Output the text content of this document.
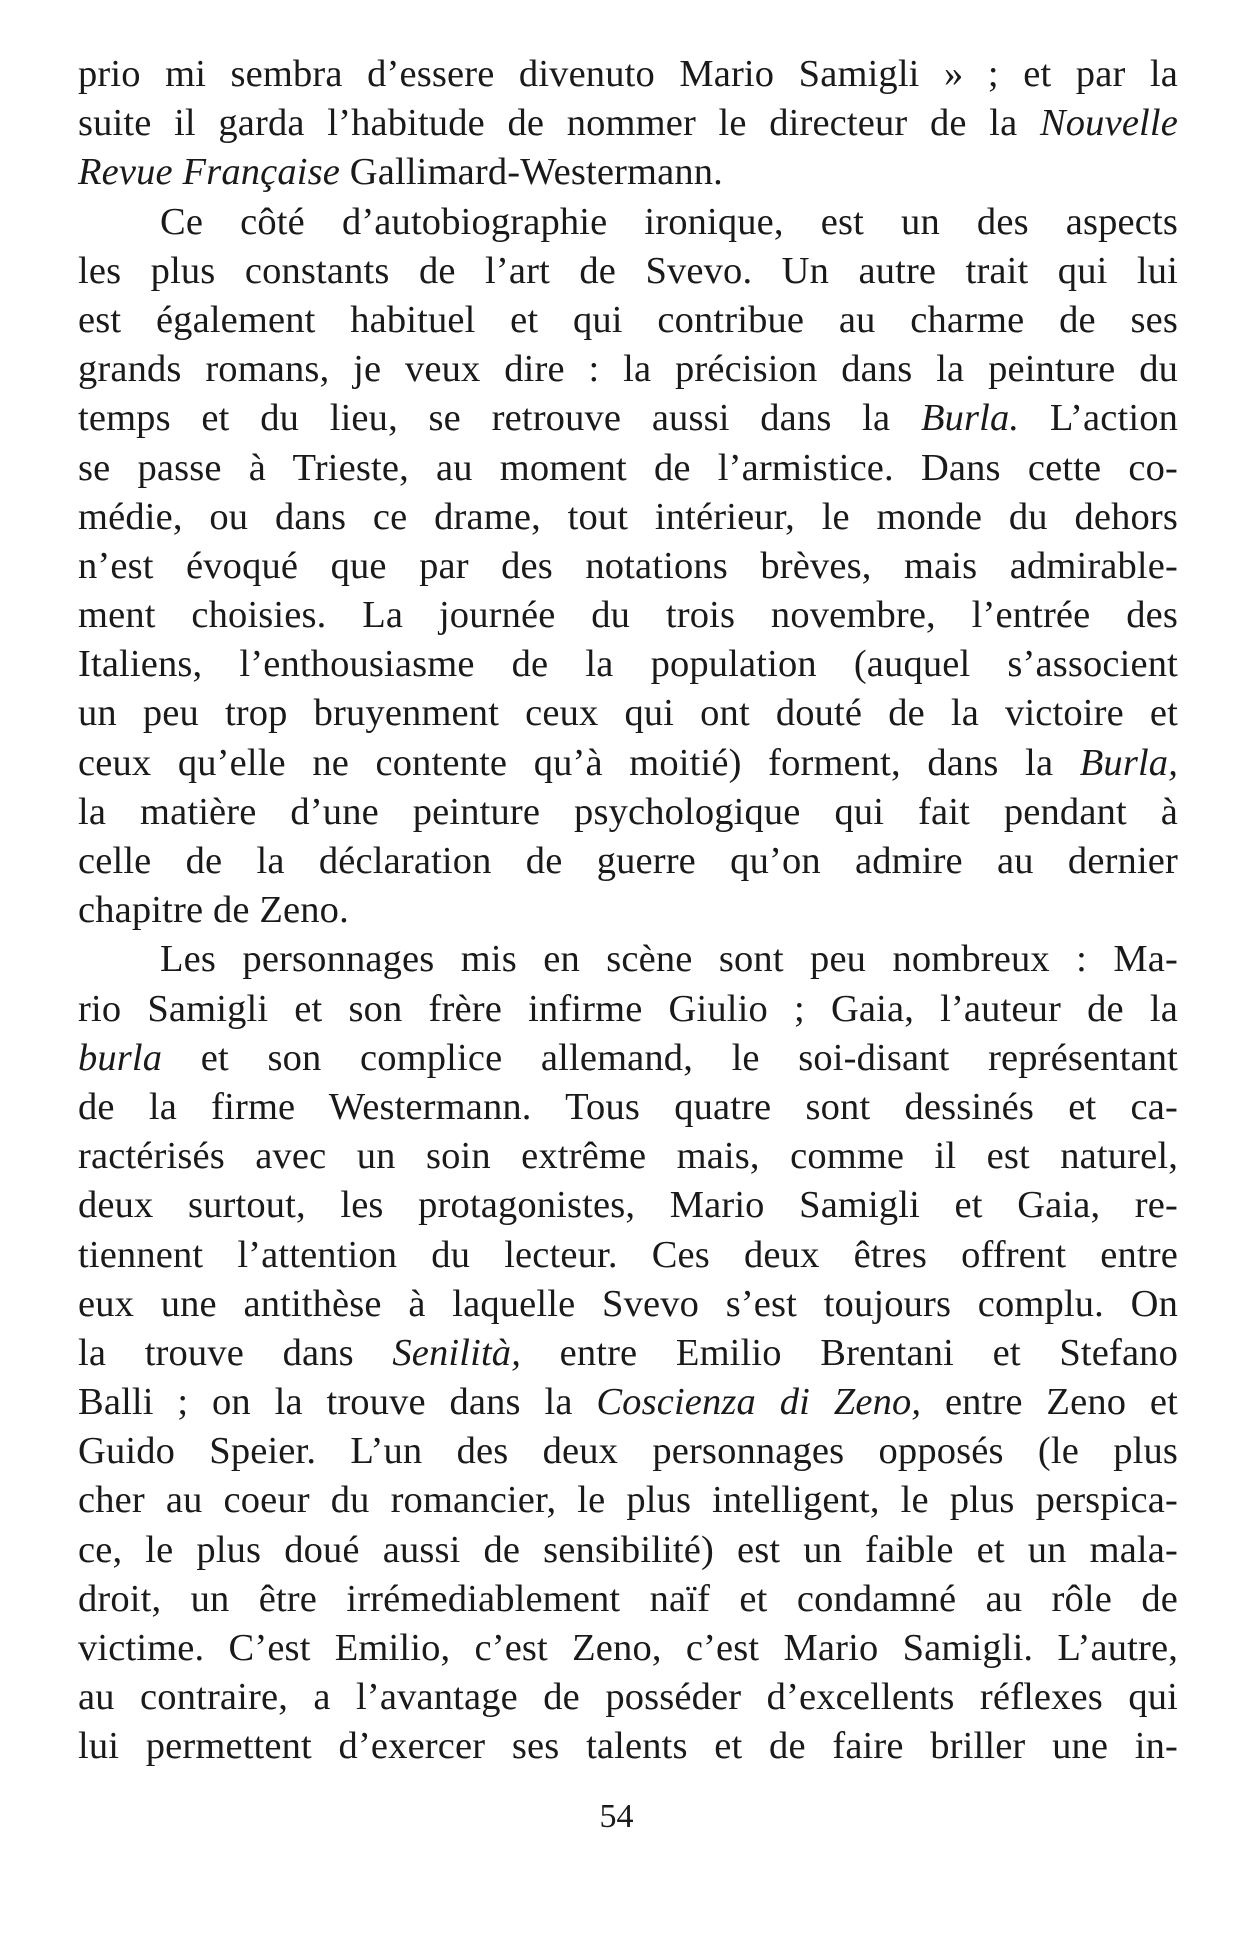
prio mi sembra d’essere divenuto Mario Samigli » ; et par la
suite il garda l’habitude de nommer le directeur de la Nouvelle
Revue Française Gallimard-Westermann.
Ce côté d’autobiographie ironique, est un des aspects
les plus constants de l’art de Svevo. Un autre trait qui lui
est également habituel et qui contribue au charme de ses
grands romans, je veux dire : la précision dans la peinture du
temps et du lieu, se retrouve aussi dans la Burla. L’action
se passe à Trieste, au moment de l’armistice. Dans cette co-
médie, ou dans ce drame, tout intérieur, le monde du dehors
n’est évoqué que par des notations brèves, mais admirable-
ment choisies. La journée du trois novembre, l’entrée des
Italiens, l’enthousiasme de la population (auquel s’associent
un peu trop bruyenment ceux qui ont douté de la victoire et
ceux qu’elle ne contente qu’à moitié) forment, dans la Burla,
la matière d’une peinture psychologique qui fait pendant à
celle de la déclaration de guerre qu’on admire au dernier
chapitre de Zeno.
Les personnages mis en scène sont peu nombreux : Ma-
rio Samigli et son frère infirme Giulio ; Gaia, l’auteur de la
burla et son complice allemand, le soi-disant représentant
de la firme Westermann. Tous quatre sont dessinés et ca-
ractérisés avec un soin extrême mais, comme il est naturel,
deux surtout, les protagonistes, Mario Samigli et Gaia, re-
tiennent l’attention du lecteur. Ces deux êtres offrent entre
eux une antithèse à laquelle Svevo s’est toujours complu. On
la trouve dans Senilità, entre Emilio Brentani et Stefano
Balli ; on la trouve dans la Coscienza di Zeno, entre Zeno et
Guido Speier. L’un des deux personnages opposés (le plus
cher au coeur du romancier, le plus intelligent, le plus perspica-
ce, le plus doué aussi de sensibilité) est un faible et un mala-
droit, un être irrémediablement naïf et condamné au rôle de
victime. C’est Emilio, c’est Zeno, c’est Mario Samigli. L’autre,
au contraire, a l’avantage de posséder d’excellents réflexes qui
lui permettent d’exercer ses talents et de faire briller une in-
54
